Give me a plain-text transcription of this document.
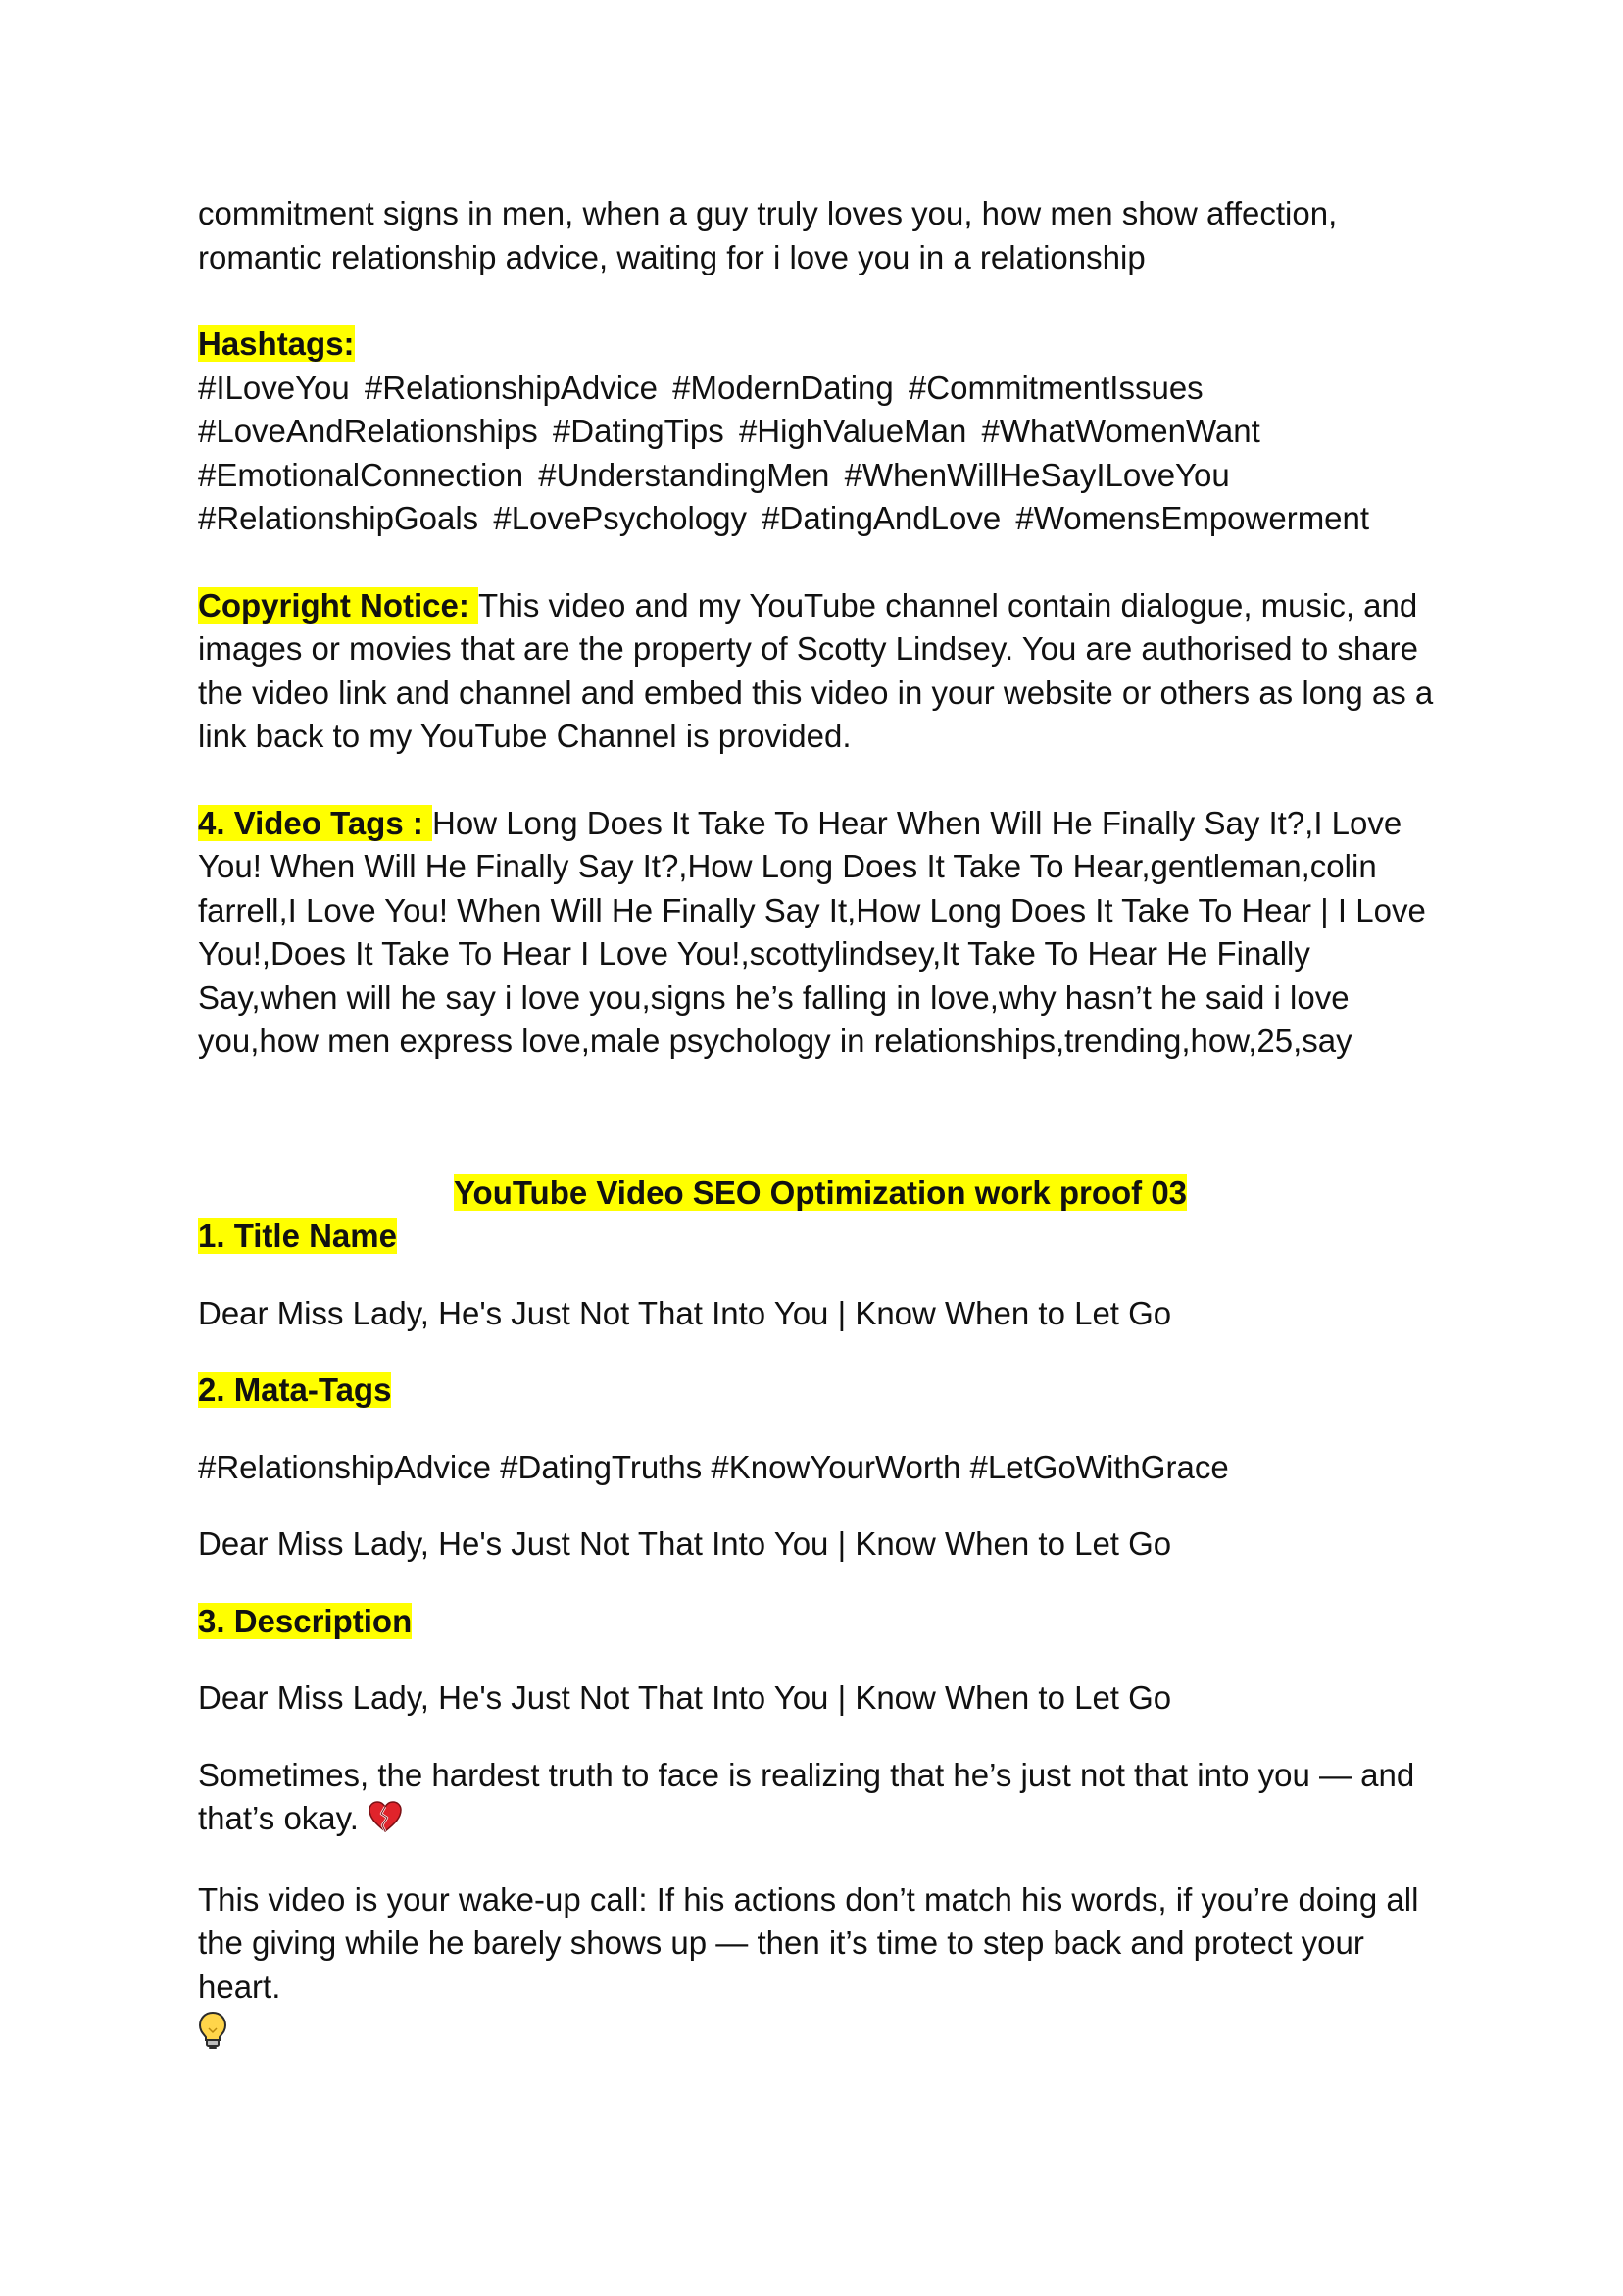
commitment signs in men, when a guy truly loves you, how men show affection,

romantic relationship advice, waiting for i love you in a relationship

Hashtags:

#ILoveYou #RelationshipAdvice #ModernDating #CommitmentIssues

#LoveAndRelationships #DatingTips #HighValueMan #WhatWomenWant

#EmotionalConnection #UnderstandingMen #WhenWillHeSayILoveYou

#RelationshipGoals #LovePsychology #DatingAndLove #WomensEmpowerment

Copyright Notice: This video and my YouTube channel contain dialogue, music, and images or movies that are the property of Scotty Lindsey. You are authorised to share the video link and channel and embed this video in your website or others as long as a link back to my YouTube Channel is provided.

4. Video Tags : How Long Does It Take To Hear When Will He Finally Say It?,I Love You! When Will He Finally Say It?,How Long Does It Take To Hear,gentleman,colin farrell,I Love You! When Will He Finally Say It,How Long Does It Take To Hear | I Love You!,Does It Take To Hear I Love You!,scottylindsey,It Take To Hear He Finally Say,when will he say i love you,signs he’s falling in love,why hasn’t he said i love you,how men express love,male psychology in relationships,trending,how,25,say

YouTube Video SEO Optimization work proof 03

1. Title Name

Dear Miss Lady, He's Just Not That Into You | Know When to Let Go

2. Mata-Tags

#RelationshipAdvice #DatingTruths #KnowYourWorth #LetGoWithGrace

Dear Miss Lady, He's Just Not That Into You | Know When to Let Go

3. Description

Dear Miss Lady, He's Just Not That Into You | Know When to Let Go

Sometimes, the hardest truth to face is realizing that he’s just not that into you — and that’s okay.

This video is your wake-up call: If his actions don’t match his words, if you’re doing all the giving while he barely shows up — then it’s time to step back and protect your heart.
